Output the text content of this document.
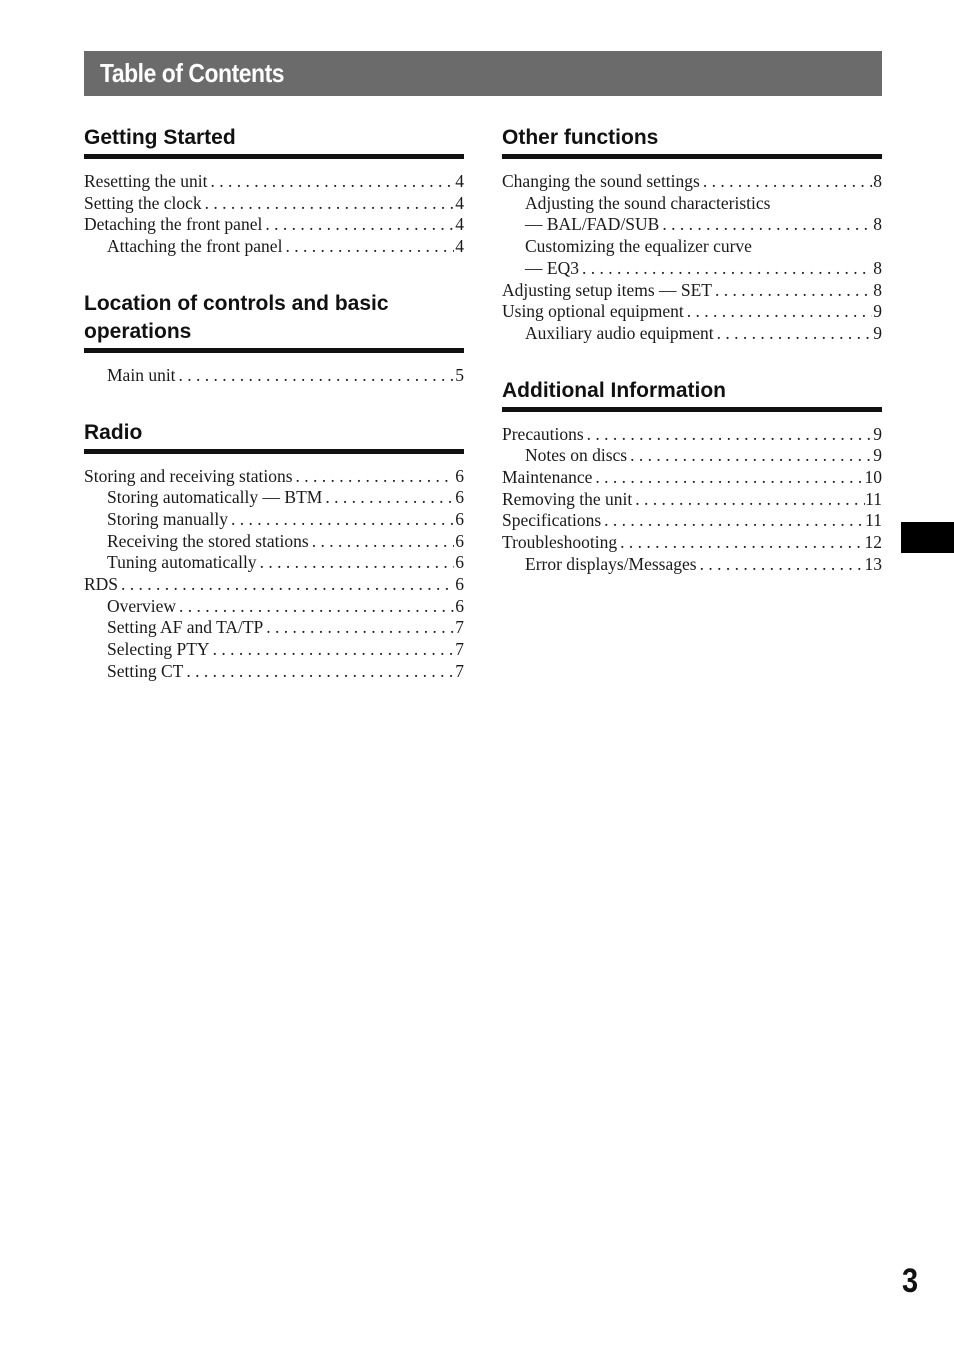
Table of Contents
Getting Started
Resetting the unit . . .	4
Setting the clock . . .	4
Detaching the front panel . . .	4
Attaching the front panel . . .	4
Location of controls and basic operations
Main unit . . .	5
Radio
Storing and receiving stations . . .	6
Storing automatically — BTM . . .	6
Storing manually . . .	6
Receiving the stored stations . . .	6
Tuning automatically . . .	6
RDS . . .	6
Overview . . .	6
Setting AF and TA/TP . . .	7
Selecting PTY . . .	7
Setting CT . . .	7
Other functions
Changing the sound settings . . .	8
Adjusting the sound characteristics
— BAL/FAD/SUB . . .	8
Customizing the equalizer curve
— EQ3 . . .	8
Adjusting setup items — SET . . .	8
Using optional equipment . . .	9
Auxiliary audio equipment . . .	9
Additional Information
Precautions . . .	9
Notes on discs . . .	9
Maintenance . . .	10
Removing the unit . . .	11
Specifications . . .	11
Troubleshooting . . .	12
Error displays/Messages . . .	13
3
